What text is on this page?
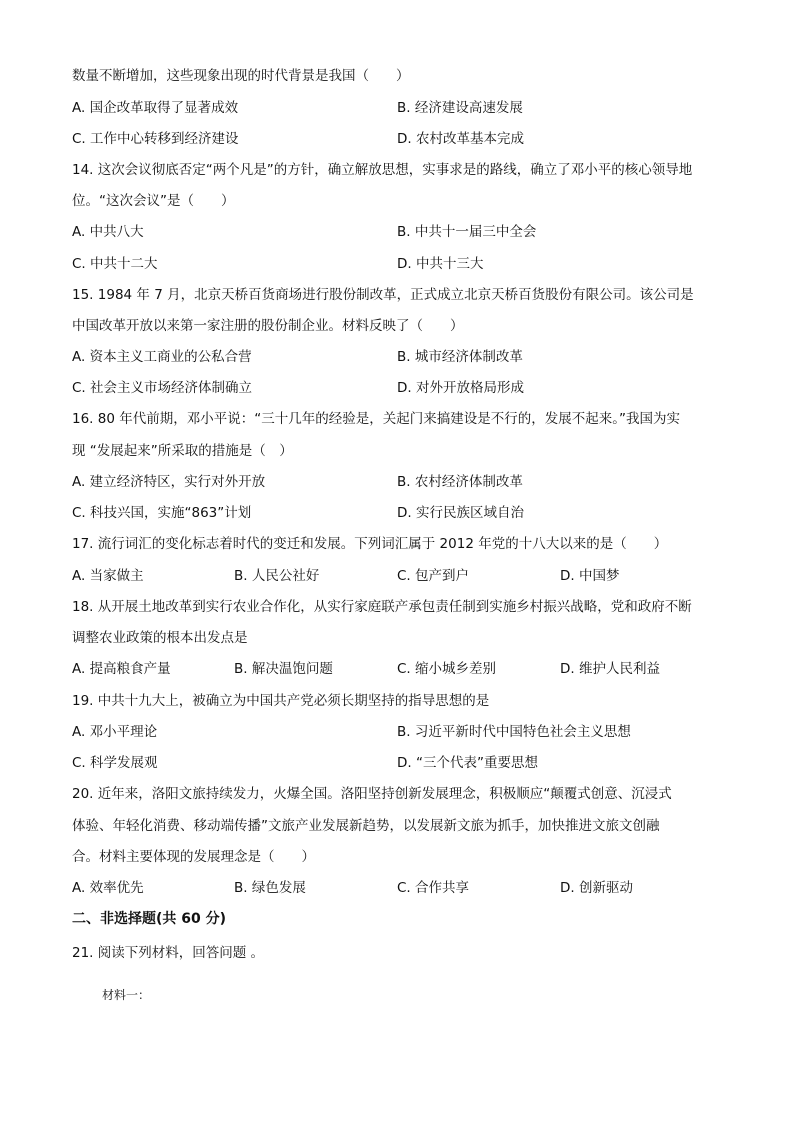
数量不断增加，这些现象出现的时代背景是我国（　　）
A. 国企改革取得了显著成效	B. 经济建设高速发展
C. 工作中心转移到经济建设	D. 农村改革基本完成
14. 这次会议彻底否定“两个凡是”的方针，确立解放思想，实事求是的路线，确立了邓小平的核心领导地
位。“这次会议”是（　　）
A. 中共八大	B. 中共十一届三中全会
C. 中共十二大	D. 中共十三大
15. 1984 年 7 月，北京天桥百货商场进行股份制改革，正式成立北京天桥百货股份有限公司。该公司是
中国改革开放以来第一家注册的股份制企业。材料反映了（　　）
A. 资本主义工商业的公私合营	B. 城市经济体制改革
C. 社会主义市场经济体制确立	D. 对外开放格局形成
16. 80 年代前期，邓小平说：“三十几年的经验是，关起门来搞建设是不行的，发展不起来。”我国为实
现 “发展起来”所采取的措施是（　）
A. 建立经济特区，实行对外开放	B. 农村经济体制改革
C. 科技兴国，实施“863”计划	D. 实行民族区域自治
17. 流行词汇的变化标志着时代的变迁和发展。下列词汇属于 2012 年党的十八大以来的是（　　）
A. 当家做主	B. 人民公社好	C. 包产到户	D. 中国梦
18. 从开展土地改革到实行农业合作化，从实行家庭联产承包责任制到实施乡村振兴战略，党和政府不断
调整农业政策的根本出发点是
A. 提高粮食产量	B. 解决温饱问题	C. 缩小城乡差别	D. 维护人民利益
19. 中共十九大上，被确立为中国共产党必须长期坚持的指导思想的是
A. 邓小平理论	B. 习近平新时代中国特色社会主义思想
C. 科学发展观	D. “三个代表”重要思想
20. 近年来，洛阳文旅持续发力，火爆全国。洛阳坚持创新发展理念，积极顺应“颠覆式创意、沉浸式
体验、年轻化消费、移动端传播”文旅产业发展新趋势，以发展新文旅为抓手，加快推进文旅文创融
合。材料主要体现的发展理念是（　　）
A. 效率优先	B. 绿色发展	C. 合作共享	D. 创新驱动
二、非选择题(共 60 分)
21. 阅读下列材料，回答问题 。
材料一：
